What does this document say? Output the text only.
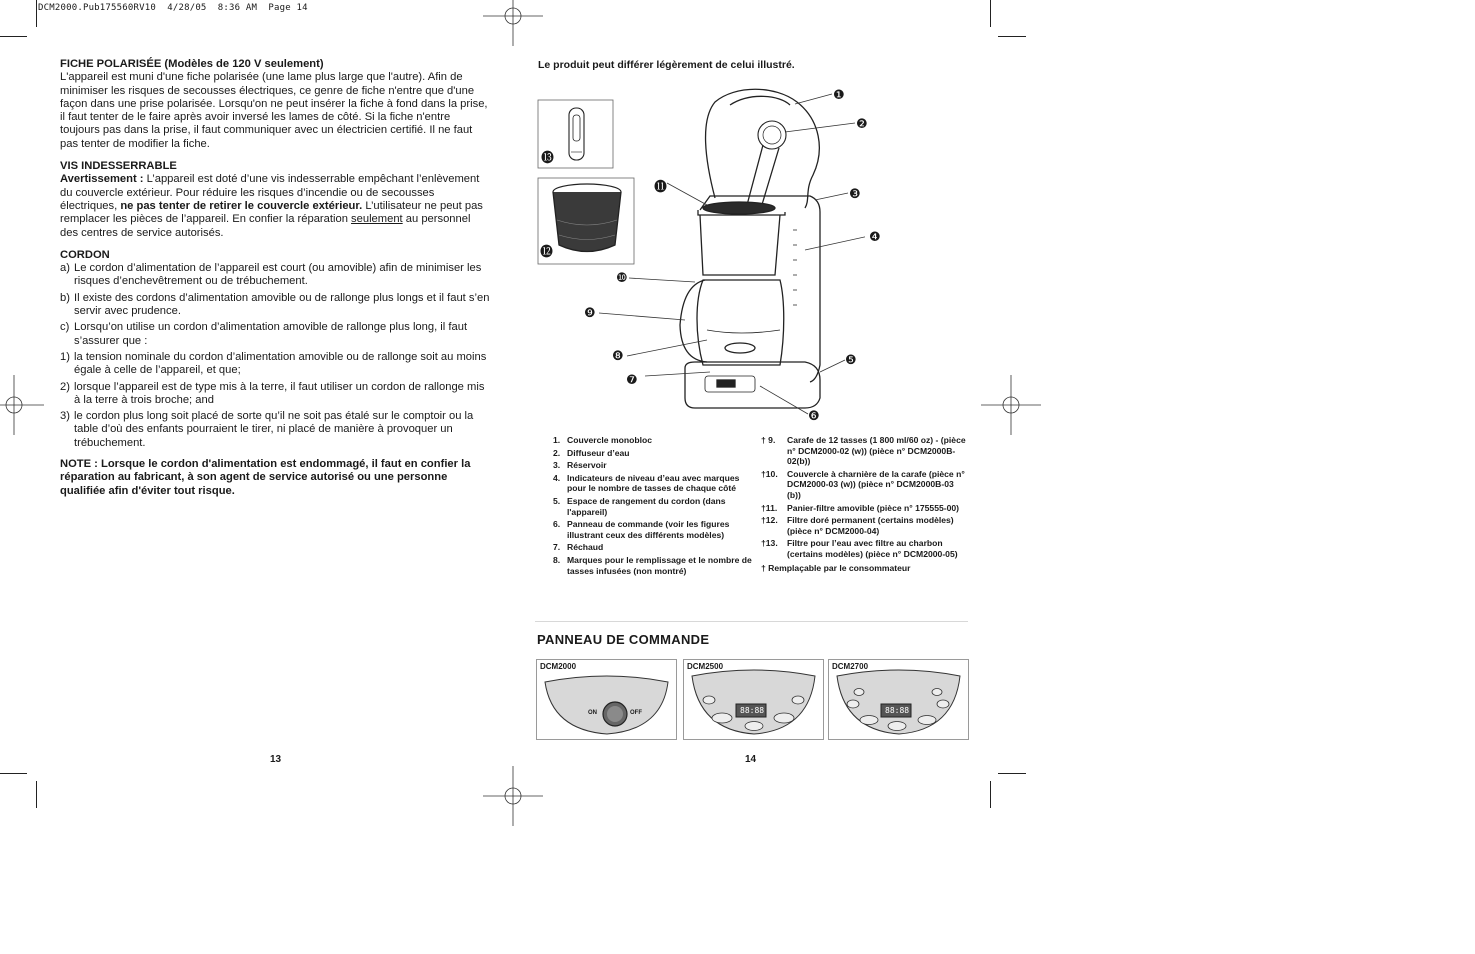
DCM2000.Pub175560RV10  4/28/05  8:36 AM  Page 14
FICHE POLARISÉE (Modèles de 120 V seulement)

L'appareil est muni d'une fiche polarisée (une lame plus large que l'autre). Afin de minimiser les risques de secousses électriques, ce genre de fiche n'entre que d'une façon dans une prise polarisée. Lorsqu'on ne peut insérer la fiche à fond dans la prise, il faut tenter de le faire après avoir inversé les lames de côté. Si la fiche n'entre toujours pas dans la prise, il faut communiquer avec un électricien certifié. Il ne faut pas tenter de modifier la fiche.

VIS INDESSERRABLE

Avertissement : L’appareil est doté d’une vis indesserrable empêchant l’enlèvement du couvercle extérieur. Pour réduire les risques d’incendie ou de secousses électriques, ne pas tenter de retirer le couvercle extérieur. L’utilisateur ne peut pas remplacer les pièces de l’appareil. En confier la réparation seulement au personnel des centres de service autorisés.

CORDON
a) Le cordon d’alimentation de l’appareil est court (ou amovible) afin de minimiser les risques d’enchevêtrement ou de trébuchement.
b) Il existe des cordons d’alimentation amovible ou de rallonge plus longs et il faut s’en servir avec prudence.
c) Lorsqu’on utilise un cordon d’alimentation amovible de rallonge plus long, il faut s’assurer que :
1) la tension nominale du cordon d’alimentation amovible ou de rallonge soit au moins égale à celle de l’appareil, et que;
2) lorsque l’appareil est de type mis à la terre, il faut utiliser un cordon de rallonge mis à la terre à trois broche; and
3) le cordon plus long soit placé de sorte qu’il ne soit pas étalé sur le comptoir ou la table d’où des enfants pourraient le tirer, ni placé de manière à provoquer un trébuchement.

NOTE : Lorsque le cordon d'alimentation est endommagé, il faut en confier la réparation au fabricant, à son agent de service autorisé ou une personne qualifiée afin d'éviter tout risque.

13
Le produit peut différer légèrement de celui illustré.
❶
❷
❸
❹
❺
❻
❼
❽
❾
❿
⓫
⓬
⓭
1. Couvercle monobloc
2. Diffuseur d’eau
3. Réservoir
4. Indicateurs de niveau d’eau avec marques pour le nombre de tasses de chaque côté
5. Espace de rangement du cordon (dans l'appareil)
6. Panneau de commande (voir les figures illustrant ceux des différents modèles)
7. Réchaud
8. Marques pour le remplissage et le nombre de tasses infusées (non montré)
† 9. Carafe de 12 tasses (1 800 ml/60 oz) - (pièce n° DCM2000-02 (w)) (pièce n° DCM2000B-02(b))
†10. Couvercle à charnière de la carafe (pièce n° DCM2000-03 (w)) (pièce n° DCM2000B-03 (b))
†11. Panier-filtre amovible (pièce n° 175555-00)
†12. Filtre doré permanent (certains modèles) (pièce n° DCM2000-04)
†13. Filtre pour l’eau avec filtre au charbon (certains modèles) (pièce n° DCM2000-05)
† Remplaçable par le consommateur
PANNEAU DE COMMANDE
DCM2000
ON	OFF
DCM2500
88:88
DCM2700
88:88
14
